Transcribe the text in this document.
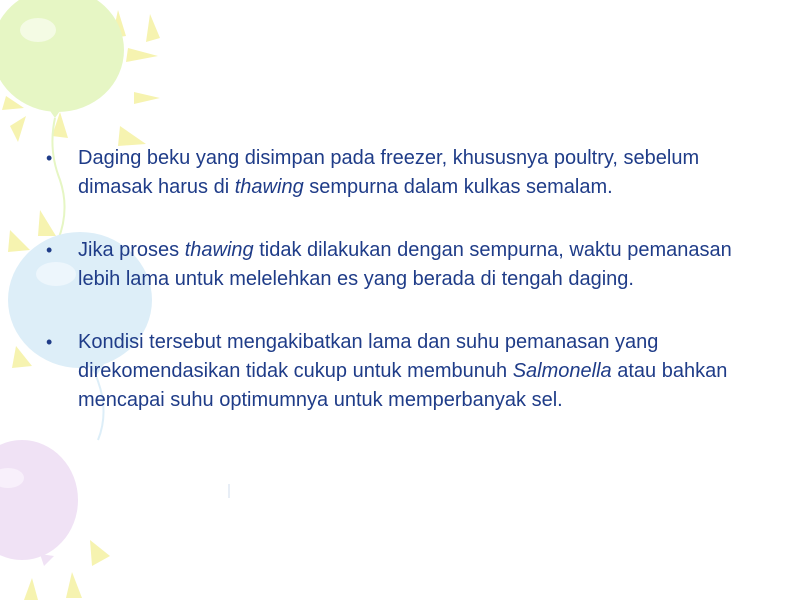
•	Daging beku yang disimpan pada freezer, khususnya poultry, sebelum dimasak harus di thawing sempurna dalam kulkas semalam.
•	Jika proses thawing tidak dilakukan dengan sempurna, waktu pemanasan lebih lama untuk melelehkan es yang berada di tengah daging.
•	Kondisi tersebut mengakibatkan lama dan suhu pemanasan yang direkomendasikan tidak cukup untuk membunuh Salmonella atau bahkan mencapai suhu optimumnya untuk memperbanyak sel.
